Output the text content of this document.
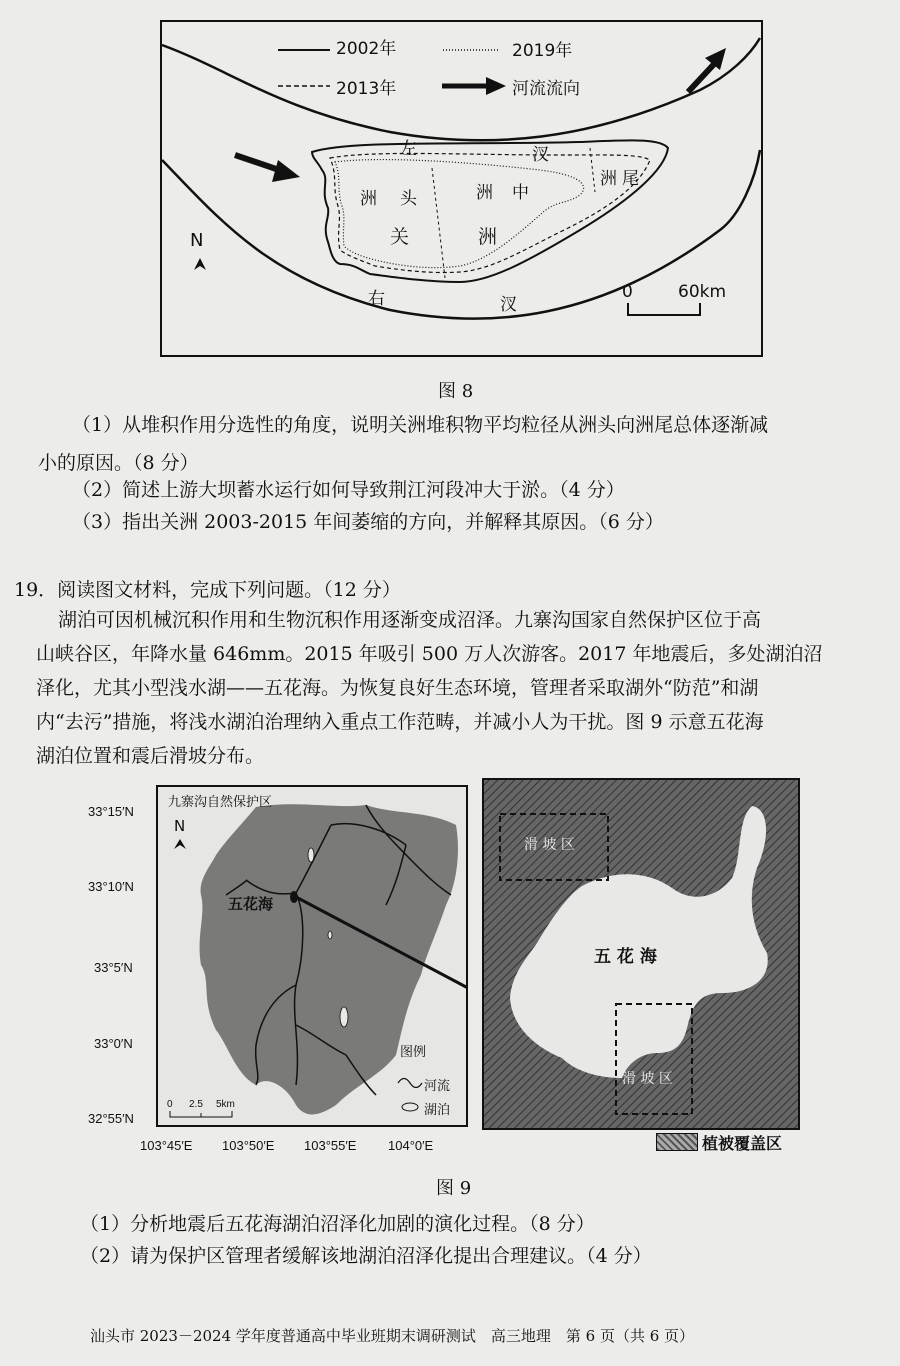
2002年
2013年
2019年
河流流向
左	汊
洲 头	洲 中
洲 尾
关	洲
右	汊
N
0	60km
图 8
（1）从堆积作用分选性的角度，说明关洲堆积物平均粒径从洲头向洲尾总体逐渐减
小的原因。（8 分）
（2）简述上游大坝蓄水运行如何导致荆江河段冲大于淤。（4 分）
（3）指出关洲 2003-2015 年间萎缩的方向，并解释其原因。（6 分）
19．阅读图文材料，完成下列问题。（12 分）
湖泊可因机械沉积作用和生物沉积作用逐渐变成沼泽。九寨沟国家自然保护区位于高
山峡谷区，年降水量 646mm。2015 年吸引 500 万人次游客。2017 年地震后，多处湖泊沼
泽化，尤其小型浅水湖——五花海。为恢复良好生态环境，管理者采取湖外“防范”和湖
内“去污”措施，将浅水湖泊治理纳入重点工作范畴，并减小人为干扰。图 9 示意五花海
湖泊位置和震后滑坡分布。
九寨沟自然保护区
N
五花海
图例
河流
湖泊
0 2.5 5km
33°15′N
33°10′N
33°5′N
33°0′N
32°55′N
103°45′E 103°50′E 103°55′E 104°0′E
滑 坡 区
五 花 海
滑 坡 区
植被覆盖区
图 9
（1）分析地震后五花海湖泊沼泽化加剧的演化过程。（8 分）
（2）请为保护区管理者缓解该地湖泊沼泽化提出合理建议。（4 分）
汕头市 2023－2024 学年度普通高中毕业班期末调研测试　高三地理　第 6 页（共 6 页）
